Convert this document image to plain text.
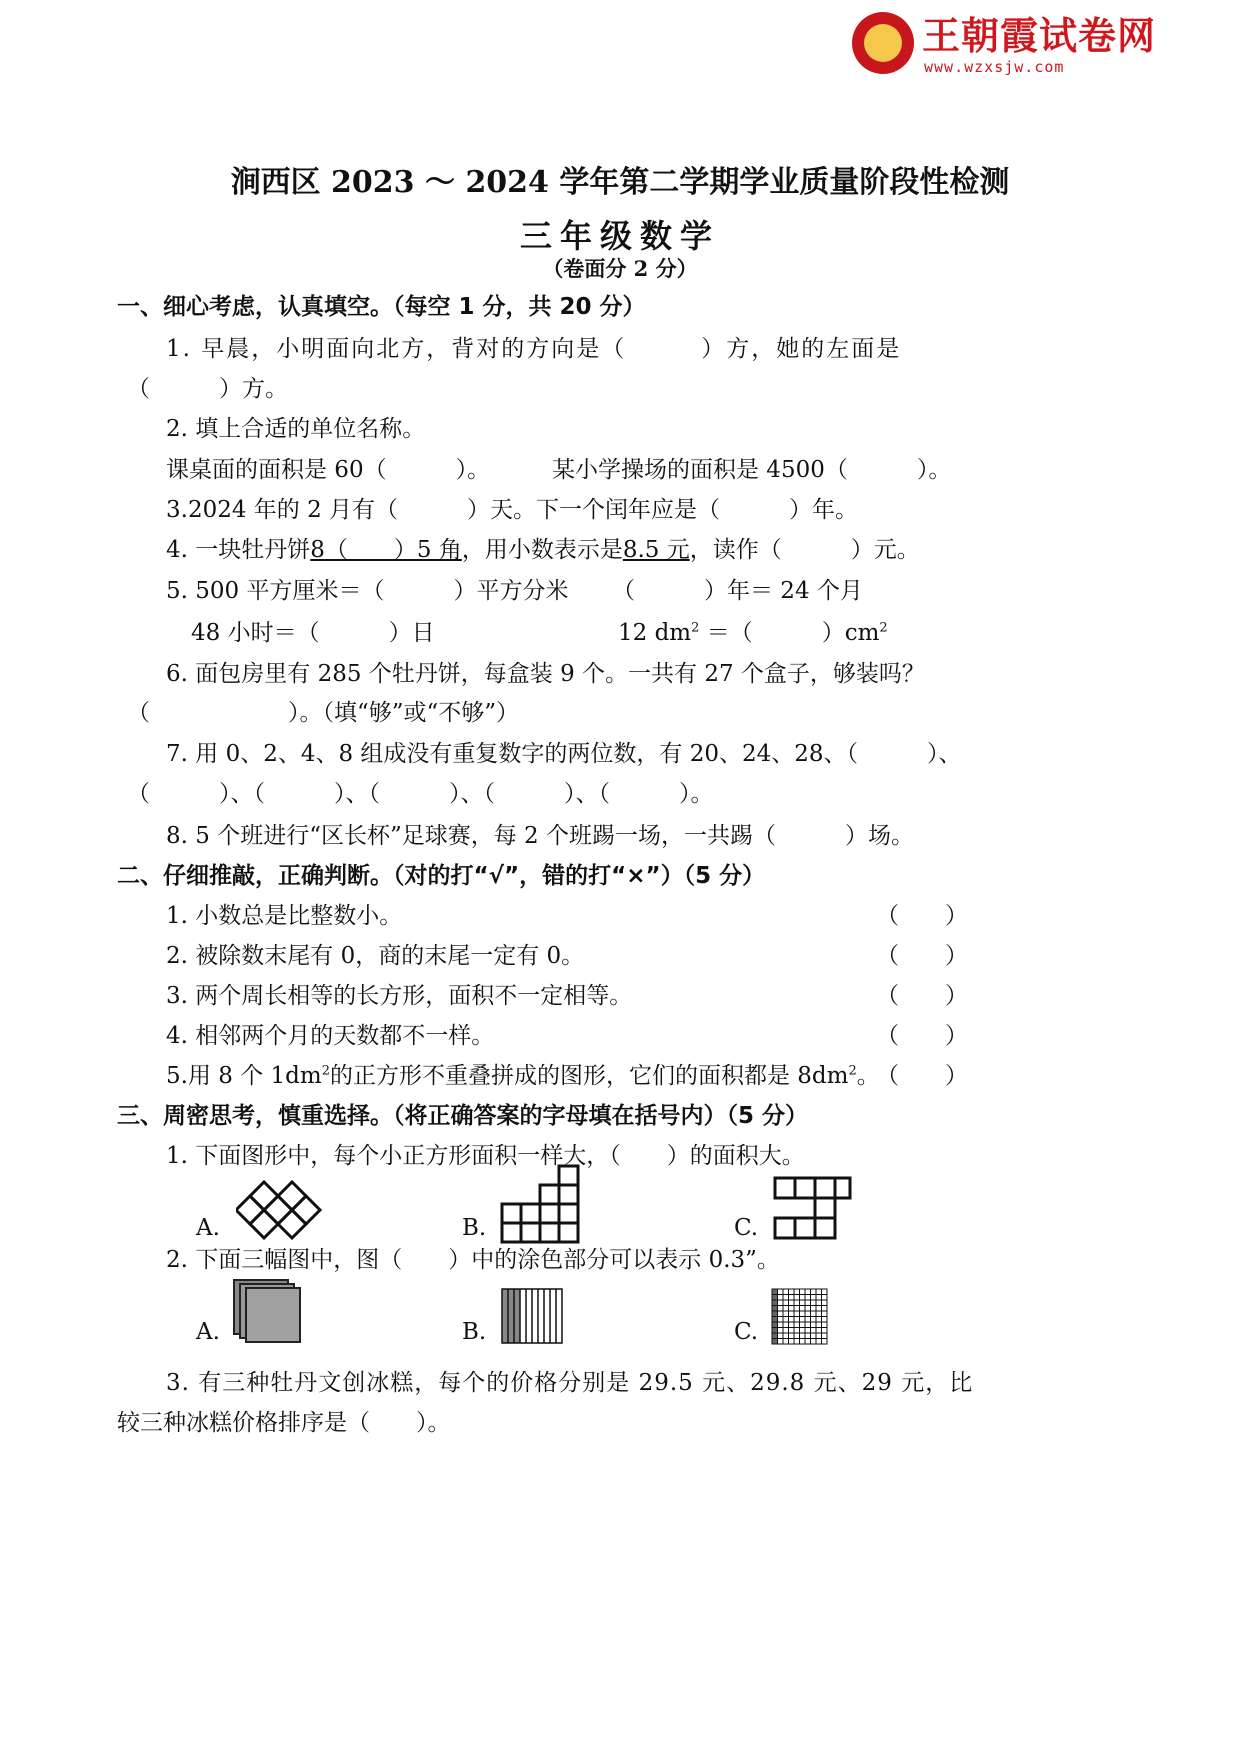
王朝霞试卷网
www.wzxsjw.com
涧西区 2023 ～ 2024 学年第二学期学业质量阶段性检测
三年级数学
（卷面分 2 分）
一、细心考虑，认真填空。（每空 1 分，共 20 分）
1. 早晨，小明面向北方，背对的方向是（　　　）方，她的左面是
（　　　）方。
2. 填上合适的单位名称。
课桌面的面积是 60（　　　）。	某小学操场的面积是 4500（　　　）。
3.2024 年的 2 月有（　　　）天。下一个闰年应是（　　　）年。
4. 一块牡丹饼8（　　）5 角，用小数表示是8.5 元，读作（　　　）元。
5. 500 平方厘米＝（　　　）平方分米 （　　　）年＝ 24 个月
48 小时＝（　　　）日	12 $dm^2$ ＝（　　　）$cm^2$
6. 面包房里有 285 个牡丹饼，每盒装 9 个。一共有 27 个盒子，够装吗？
（　　　　　　）。（填“够”或“不够”）
7. 用 0、2、4、8 组成没有重复数字的两位数，有 20、24、28、（　　　）、
（　　　）、（　　　）、（　　　）、（　　　）、（　　　）。
8. 5 个班进行“区长杯”足球赛，每 2 个班踢一场，一共踢（　　　）场。
二、仔细推敲，正确判断。（对的打“√”，错的打“×”）（5 分）
1. 小数总是比整数小。	（　　）
2. 被除数末尾有 0，商的末尾一定有 0。	（　　）
3. 两个周长相等的长方形，面积不一定相等。	（　　）
4. 相邻两个月的天数都不一样。	（　　）
5.用 8 个 $1dm^2$的正方形不重叠拼成的图形，它们的面积都是 $8dm^2$。
（　　）
三、周密思考，慎重选择。（将正确答案的字母填在括号内）（5 分）
1. 下面图形中，每个小正方形面积一样大，（　　）的面积大。
A.	B.	C.
2. 下面三幅图中，图（　　）中的涂色部分可以表示 0.3”。
A.	B.	C.
3. 有三种牡丹文创冰糕，每个的价格分别是 29.5 元、29.8 元、29 元，比
较三种冰糕价格排序是（　　）。
